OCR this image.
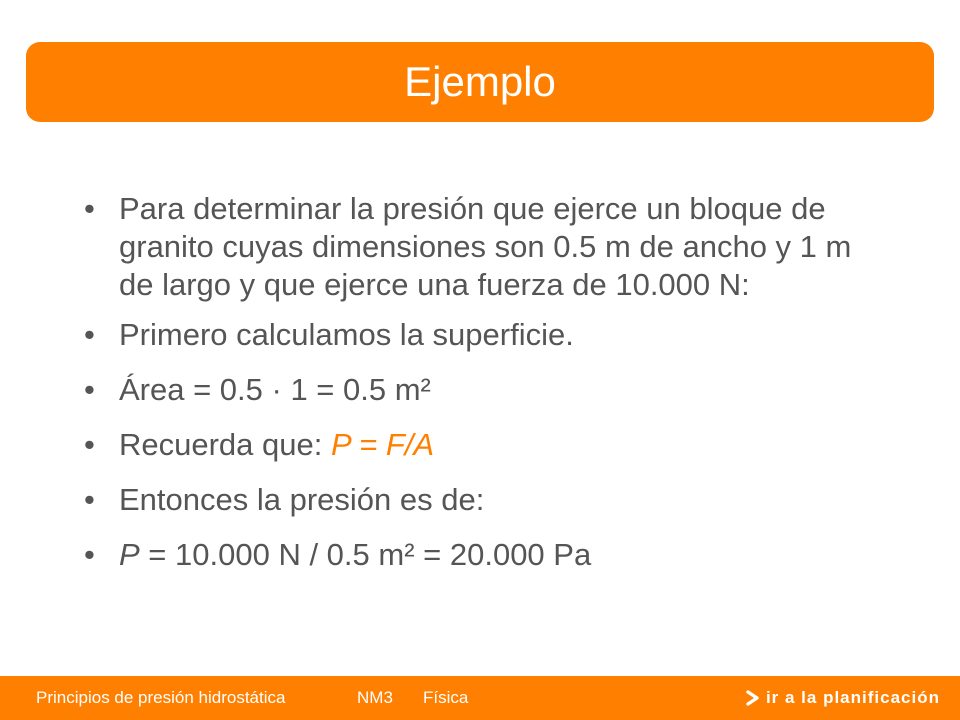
Ejemplo
• Para determinar la presión que ejerce un bloque de granito cuyas dimensiones son 0.5 m de ancho y 1 m de largo y que ejerce una fuerza de 10.000 N:
• Primero calculamos la superficie.
• Área = 0.5 · 1 = 0.5 m²
• Recuerda que: P = F/A
• Entonces la presión es de:
• P = 10.000 N / 0.5 m² = 20.000 Pa
Principios de presión hidrostática	NM3 Física	ir a la planificación
